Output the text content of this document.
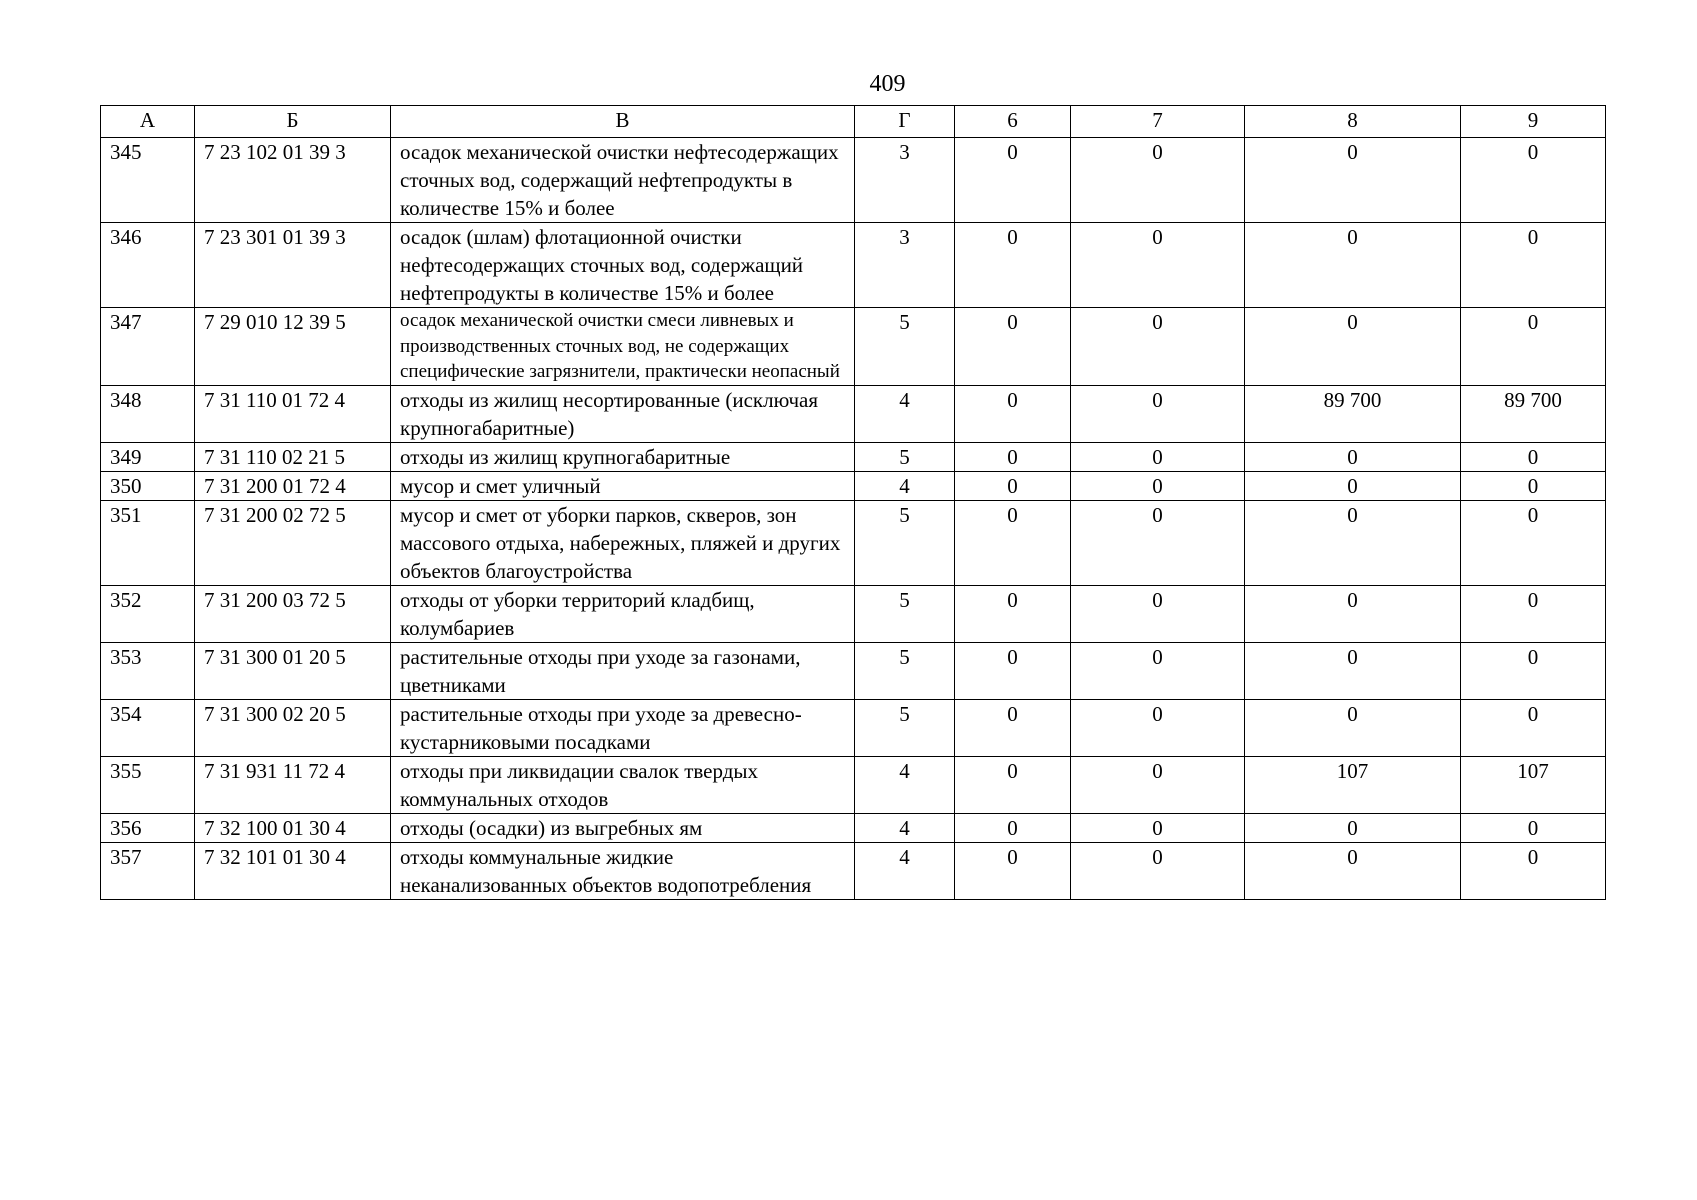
409
А	Б	В	Г	6	7	8	9
345	7 23 102 01 39 3	осадок механической очистки нефтесодержащих сточных вод, содержащий нефтепродукты в количестве 15% и более	3	0	0	0	0
346	7 23 301 01 39 3	осадок (шлам) флотационной очистки нефтесодержащих сточных вод, содержащий нефтепродукты в количестве 15% и более	3	0	0	0	0
347	7 29 010 12 39 5	осадок механической очистки смеси ливневых и производственных сточных вод, не содержащих специфические загрязнители, практически неопасный	5	0	0	0	0
348	7 31 110 01 72 4	отходы из жилищ несортированные (исключая крупногабаритные)	4	0	0	89 700	89 700
349	7 31 110 02 21 5	отходы из жилищ крупногабаритные	5	0	0	0	0
350	7 31 200 01 72 4	мусор и смет уличный	4	0	0	0	0
351	7 31 200 02 72 5	мусор и смет от уборки парков, скверов, зон массового отдыха, набережных, пляжей и других объектов благоустройства	5	0	0	0	0
352	7 31 200 03 72 5	отходы от уборки территорий кладбищ, колумбариев	5	0	0	0	0
353	7 31 300 01 20 5	растительные отходы при уходе за газонами, цветниками	5	0	0	0	0
354	7 31 300 02 20 5	растительные отходы при уходе за древесно-кустарниковыми посадками	5	0	0	0	0
355	7 31 931 11 72 4	отходы при ликвидации свалок твердых коммунальных отходов	4	0	0	107	107
356	7 32 100 01 30 4	отходы (осадки) из выгребных ям	4	0	0	0	0
357	7 32 101 01 30 4	отходы коммунальные жидкие неканализованных объектов водопотребления	4	0	0	0	0
